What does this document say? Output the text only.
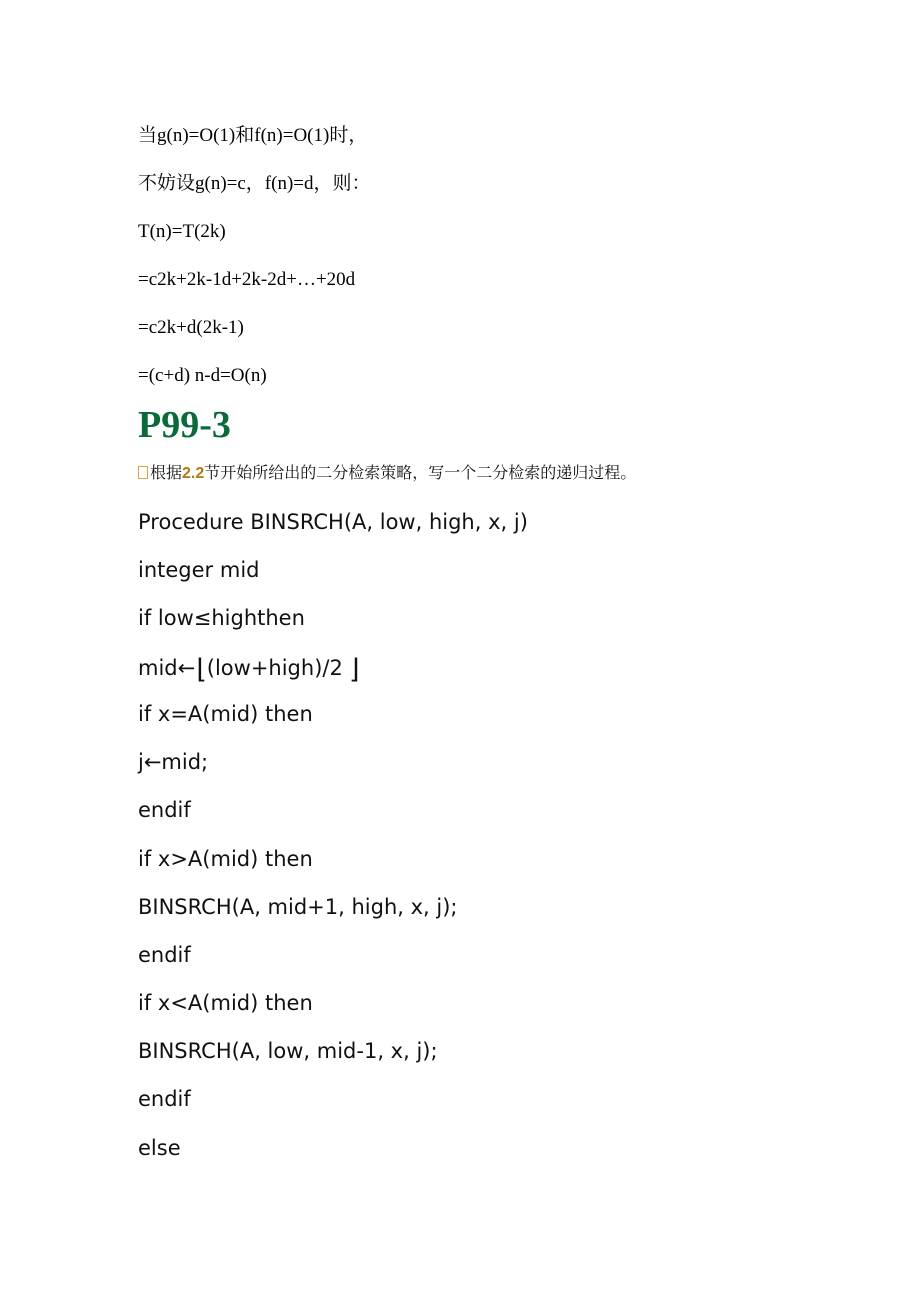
当g(n)=O(1)和f(n)=O(1)时，
不妨设g(n)=c，f(n)=d，则：
T(n)=T(2k)
=c2k+2k-1d+2k-2d+…+20d
=c2k+d(2k-1)
=(c+d) n-d=O(n)
P99-3
根据2.2节开始所给出的二分检索策略，写一个二分检索的递归过程。
Procedure BINSRCH(A, low, high, x, j)
integer mid
if low≤highthen
mid←⌊(low+high)/2 ⌋
if x=A(mid) then
j←mid;
endif
if x>A(mid) then
BINSRCH(A, mid+1, high, x, j);
endif
if x<A(mid) then
BINSRCH(A, low, mid-1, x, j);
endif
else
